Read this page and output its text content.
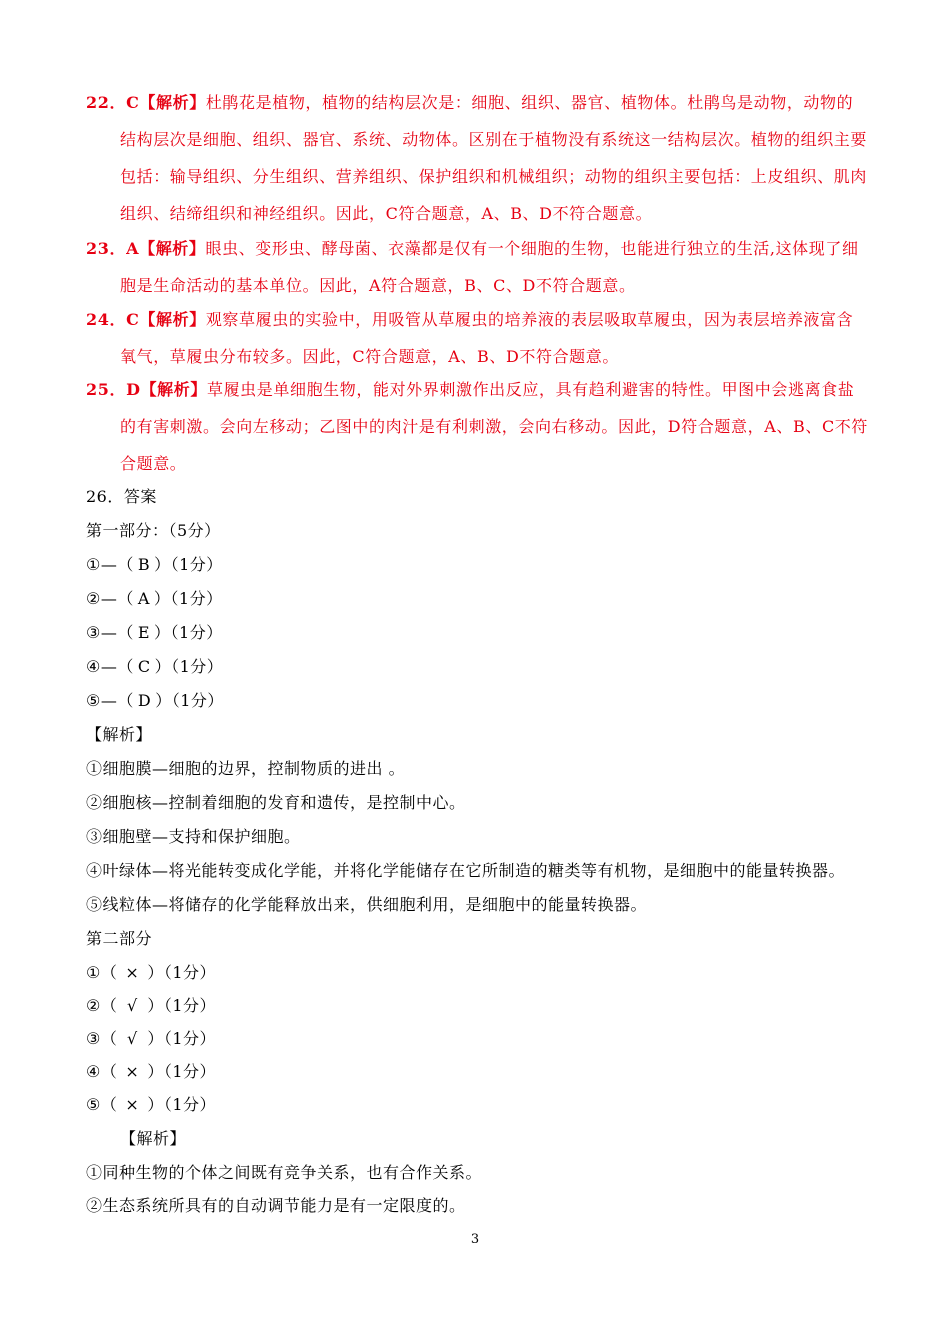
22．C【解析】杜鹃花是植物，植物的结构层次是：细胞、组织、器官、植物体。杜鹃鸟是动物，动物的
结构层次是细胞、组织、器官、系统、动物体。区别在于植物没有系统这一结构层次。植物的组织主要包括：输导组织、分生组织、营养组织、保护组织和机械组织；动物的组织主要包括：上皮组织、肌肉组织、结缔组织和神经组织。因此，C符合题意，A、B、D不符合题意。
23．A【解析】眼虫、变形虫、酵母菌、衣藻都是仅有一个细胞的生物，也能进行独立的生活,这体现了细
胞是生命活动的基本单位。因此，A符合题意，B、C、D不符合题意。
24．C【解析】观察草履虫的实验中，用吸管从草履虫的培养液的表层吸取草履虫，因为表层培养液富含
氧气，草履虫分布较多。因此，C符合题意，A、B、D不符合题意。
25．D【解析】草履虫是单细胞生物，能对外界刺激作出反应，具有趋利避害的特性。甲图中会逃离食盐
的有害刺激。会向左移动；乙图中的肉汁是有利刺激，会向右移动。因此，D符合题意，A、B、C不符合题意。
26．答案
第一部分：（5分）
①—（ B ）（1分）
②—（ A ）（1分）
③—（ E ）（1分）
④—（ C ）（1分）
⑤—（ D ）（1分）
【解析】
①细胞膜—细胞的边界，控制物质的进出 。
②细胞核—控制着细胞的发育和遗传，是控制中心。
③细胞壁—支持和保护细胞。
④叶绿体—将光能转变成化学能，并将化学能储存在它所制造的糖类等有机物，是细胞中的能量转换器。
⑤线粒体—将储存的化学能释放出来，供细胞利用，是细胞中的能量转换器。
第二部分
①（ × ）（1分）
②（ √ ）（1分）
③（ √ ）（1分）
④（ × ）（1分）
⑤（ × ）（1分）
【解析】
①同种生物的个体之间既有竞争关系，也有合作关系。
②生态系统所具有的自动调节能力是有一定限度的。
3
